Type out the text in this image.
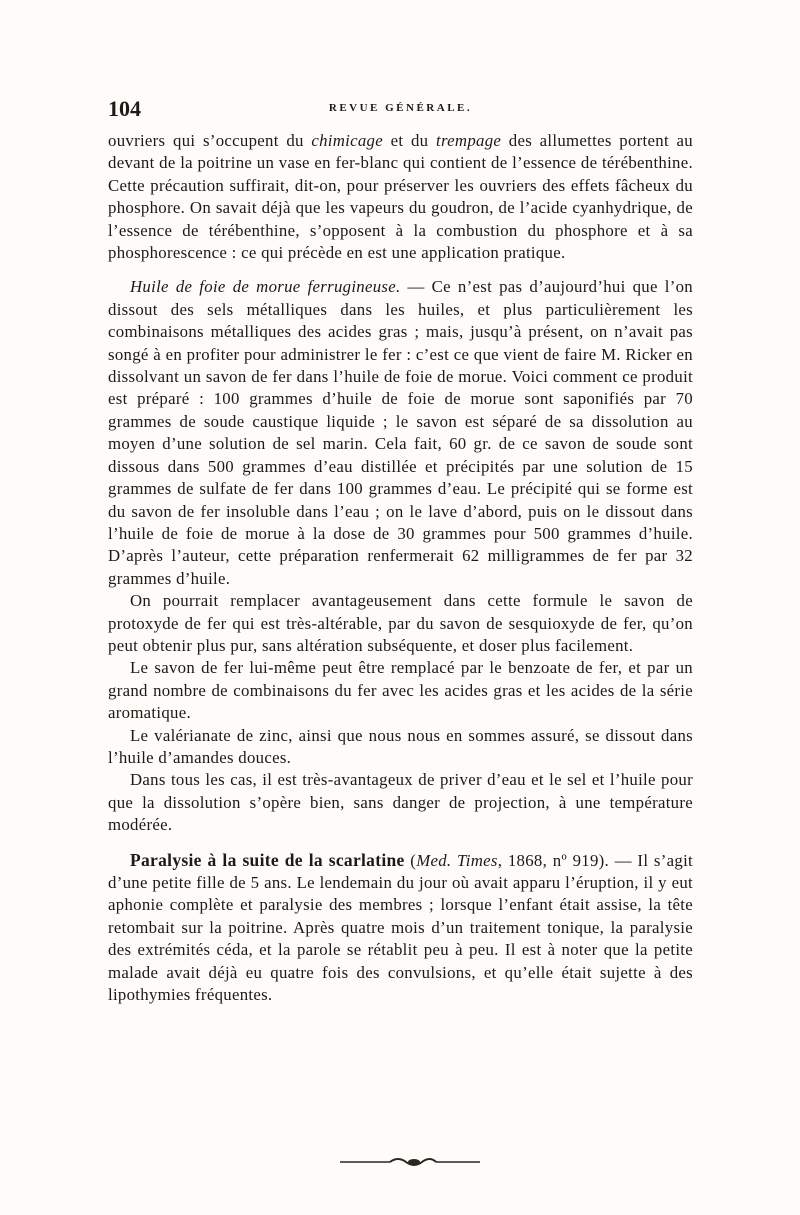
104	REVUE GÉNÉRALE.

ouvriers qui s’occupent du chimicage et du trempage des allumettes portent au devant de la poitrine un vase en fer-blanc qui contient de l’essence de térébenthine. Cette précaution suffirait, dit-on, pour préserver les ouvriers des effets fâcheux du phosphore. On savait déjà que les vapeurs du goudron, de l’acide cyanhydrique, de l’essence de térébenthine, s’opposent à la combustion du phosphore et à sa phosphorescence : ce qui précède en est une application pratique.

Huile de foie de morue ferrugineuse. — Ce n’est pas d’aujourd’hui que l’on dissout des sels métalliques dans les huiles, et plus particulièrement les combinaisons métalliques des acides gras ; mais, jusqu’à présent, on n’avait pas songé à en profiter pour administrer le fer : c’est ce que vient de faire M. Ricker en dissolvant un savon de fer dans l’huile de foie de morue. Voici comment ce produit est préparé : 100 grammes d’huile de foie de morue sont saponifiés par 70 grammes de soude caustique liquide ; le savon est séparé de sa dissolution au moyen d’une solution de sel marin. Cela fait, 60 gr. de ce savon de soude sont dissous dans 500 grammes d’eau distillée et précipités par une solution de 15 grammes de sulfate de fer dans 100 grammes d’eau. Le précipité qui se forme est du savon de fer insoluble dans l’eau ; on le lave d’abord, puis on le dissout dans l’huile de foie de morue à la dose de 30 grammes pour 500 grammes d’huile. D’après l’auteur, cette préparation renfermerait 62 milligrammes de fer par 32 grammes d’huile.

On pourrait remplacer avantageusement dans cette formule le savon de protoxyde de fer qui est très-altérable, par du savon de sesquioxyde de fer, qu’on peut obtenir plus pur, sans altération subséquente, et doser plus facilement.

Le savon de fer lui-même peut être remplacé par le benzoate de fer, et par un grand nombre de combinaisons du fer avec les acides gras et les acides de la série aromatique.

Le valérianate de zinc, ainsi que nous nous en sommes assuré, se dissout dans l’huile d’amandes douces.

Dans tous les cas, il est très-avantageux de priver d’eau et le sel et l’huile pour que la dissolution s’opère bien, sans danger de projection, à une température modérée.

Paralysie à la suite de la scarlatine (Med. Times, 1868, nº 919). — Il s’agit d’une petite fille de 5 ans. Le lendemain du jour où avait apparu l’éruption, il y eut aphonie complète et paralysie des membres ; lorsque l’enfant était assise, la tête retombait sur la poitrine. Après quatre mois d’un traitement tonique, la paralysie des extrémités céda, et la parole se rétablit peu à peu. Il est à noter que la petite malade avait déjà eu quatre fois des convulsions, et qu’elle était sujette à des lipothymies fréquentes.
